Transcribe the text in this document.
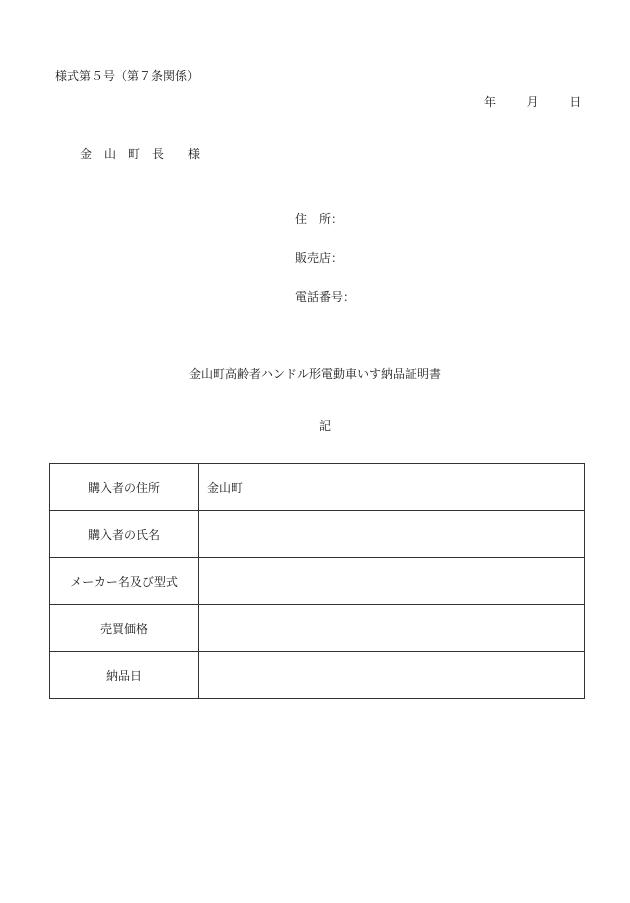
様式第５号（第７条関係）
年	月	日
金　山　町　長　　様
住　所：
販売店：
電話番号：
金山町高齢者ハンドル形電動車いす納品証明書
記
購入者の住所	金山町
購入者の氏名	
メーカー名及び型式	
売買価格	
納品日	
